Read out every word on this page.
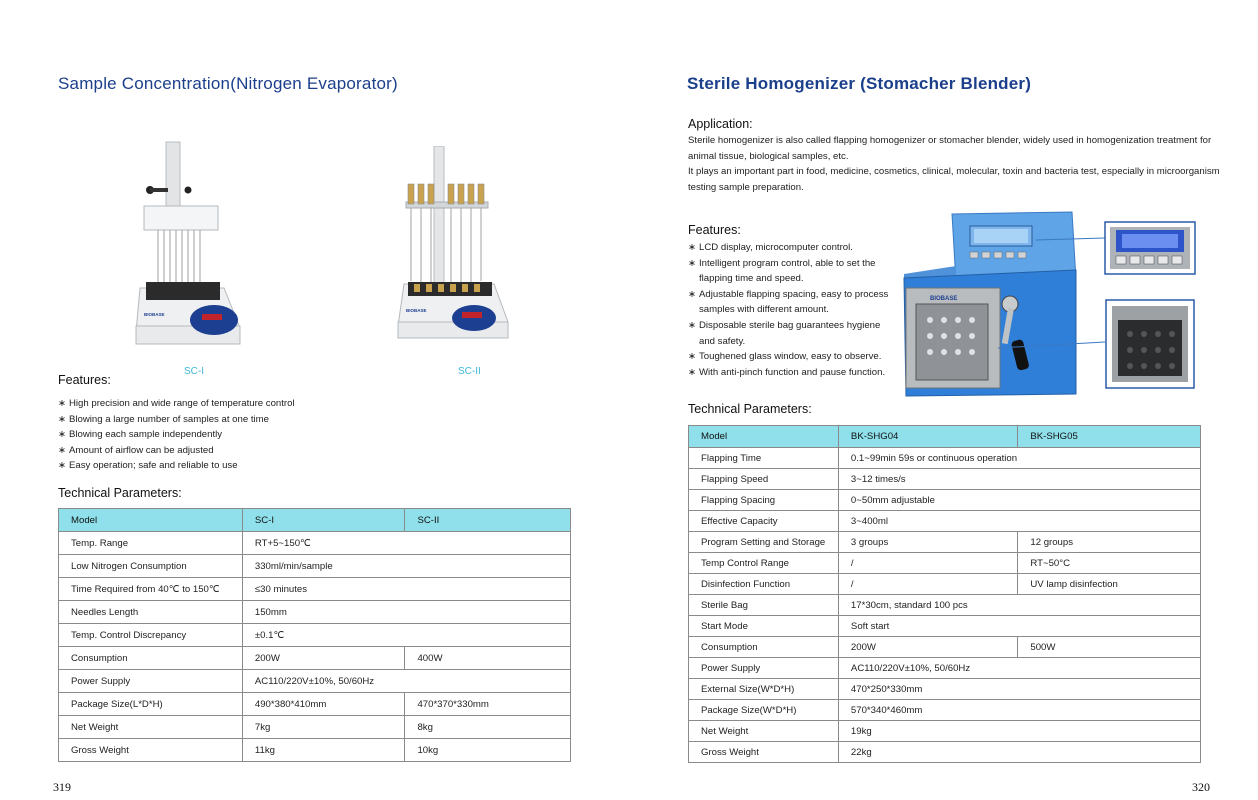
Sample Concentration(Nitrogen Evaporator)
BIOBASE
SC-I
BIOBASE
SC-II
Features:
∗ High precision and wide range of temperature control
∗ Blowing a large number of samples at one time
∗ Blowing each sample independently
∗ Amount of airflow can be adjusted
∗ Easy operation; safe and reliable to use
Technical Parameters:
Model	SC-I	SC-II
Temp. Range	RT+5~150℃	
Low Nitrogen Consumption	330ml/min/sample	
Time Required from 40℃ to 150℃	≤30 minutes	
Needles Length	150mm	
Temp. Control Discrepancy	±0.1℃	
Consumption	200W	400W
Power Supply	AC110/220V±10%, 50/60Hz	
Package Size(L*D*H)	490*380*410mm	470*370*330mm
Net Weight	7kg	8kg
Gross Weight	11kg	10kg
319
Sterile Homogenizer (Stomacher Blender)
Application:
Sterile homogenizer is also called flapping homogenizer or stomacher blender, widely used in homogenization treatment for
animal tissue, biological samples, etc.
It plays an important part in food, medicine, cosmetics, clinical, molecular, toxin and bacteria test, especially in microorganism
testing sample preparation.
Features:
∗ LCD display, microcomputer control.
∗ Intelligent program control, able to set the
flapping time and speed.
∗ Adjustable flapping spacing, easy to process
samples with different amount.
∗ Disposable sterile bag guarantees hygiene
and safety.
∗ Toughened glass window, easy to observe.
∗ With anti-pinch function and pause function.
BIOBASE
Technical Parameters:
Model	BK-SHG04	BK-SHG05
Flapping Time	0.1~99min 59s or continuous operation	
Flapping Speed	3~12 times/s	
Flapping Spacing	0~50mm adjustable	
Effective Capacity	3~400ml	
Program Setting and Storage	3 groups	12 groups
Temp Control Range	/	RT~50°C
Disinfection Function	/	UV lamp disinfection
Sterile Bag	17*30cm, standard 100 pcs	
Start Mode	Soft start	
Consumption	200W	500W
Power Supply	AC110/220V±10%, 50/60Hz	
External Size(W*D*H)	470*250*330mm	
Package Size(W*D*H)	570*340*460mm	
Net Weight	19kg	
Gross Weight	22kg	
320
